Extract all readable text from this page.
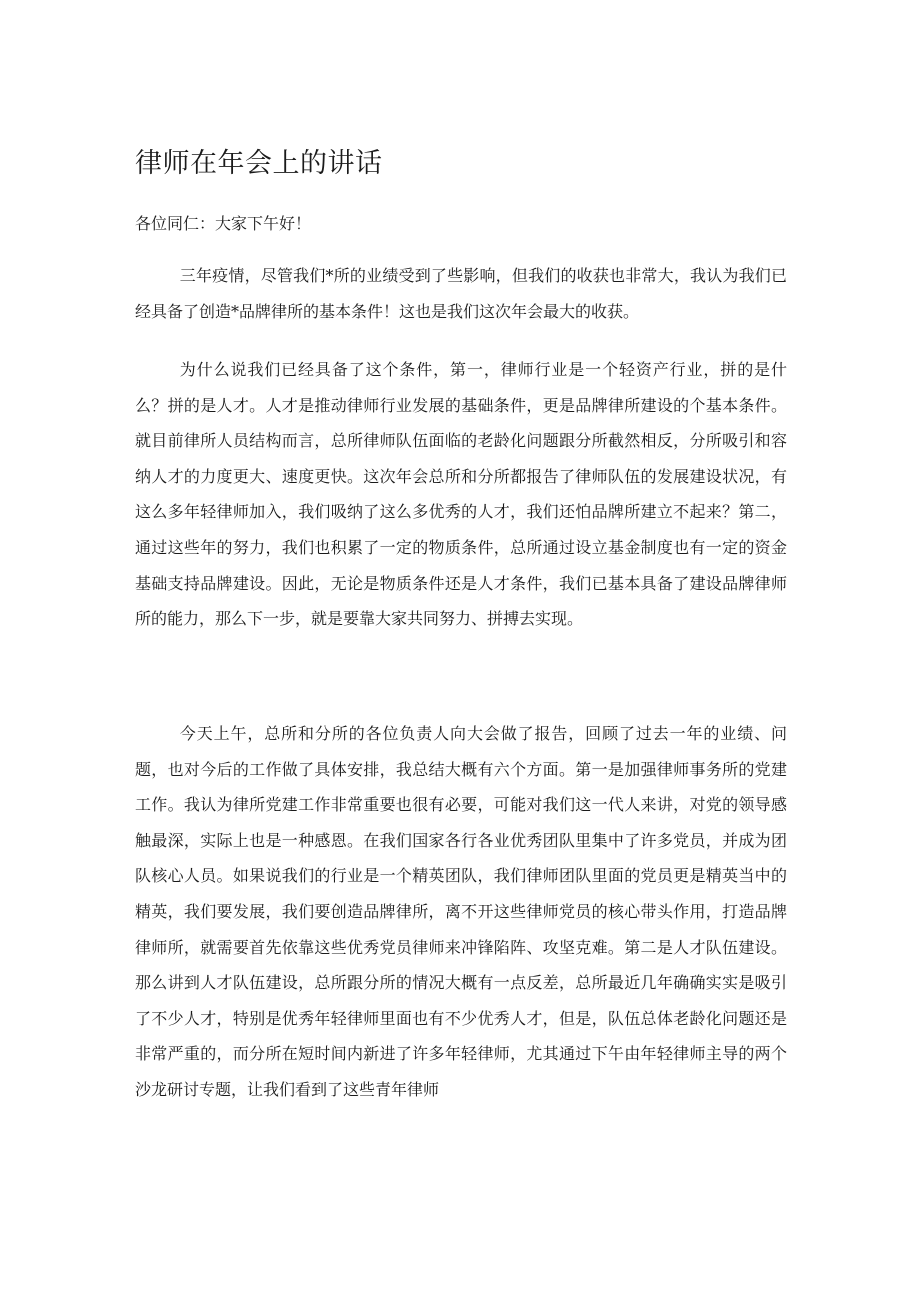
律师在年会上的讲话

各位同仁：大家下午好！

三年疫情，尽管我们*所的业绩受到了些影响，但我们的收获也非常大，我认为我们已经具备了创造*品牌律所的基本条件！这也是我们这次年会最大的收获。

为什么说我们已经具备了这个条件，第一，律师行业是一个轻资产行业，拼的是什么？拼的是人才。人才是推动律师行业发展的基础条件，更是品牌律所建设的个基本条件。就目前律所人员结构而言，总所律师队伍面临的老龄化问题跟分所截然相反，分所吸引和容纳人才的力度更大、速度更快。这次年会总所和分所都报告了律师队伍的发展建设状况，有这么多年轻律师加入，我们吸纳了这么多优秀的人才，我们还怕品牌所建立不起来？第二，通过这些年的努力，我们也积累了一定的物质条件，总所通过设立基金制度也有一定的资金基础支持品牌建设。因此，无论是物质条件还是人才条件，我们已基本具备了建设品牌律师所的能力，那么下一步，就是要靠大家共同努力、拼搏去实现。

今天上午，总所和分所的各位负责人向大会做了报告，回顾了过去一年的业绩、问题，也对今后的工作做了具体安排，我总结大概有六个方面。第一是加强律师事务所的党建工作。我认为律所党建工作非常重要也很有必要，可能对我们这一代人来讲，对党的领导感触最深，实际上也是一种感恩。在我们国家各行各业优秀团队里集中了许多党员，并成为团队核心人员。如果说我们的行业是一个精英团队，我们律师团队里面的党员更是精英当中的精英，我们要发展，我们要创造品牌律所，离不开这些律师党员的核心带头作用，打造品牌律师所，就需要首先依靠这些优秀党员律师来冲锋陷阵、攻坚克难。第二是人才队伍建设。那么讲到人才队伍建设，总所跟分所的情况大概有一点反差，总所最近几年确确实实是吸引了不少人才，特别是优秀年轻律师里面也有不少优秀人才，但是，队伍总体老龄化问题还是非常严重的，而分所在短时间内新进了许多年轻律师，尤其通过下午由年轻律师主导的两个沙龙研讨专题，让我们看到了这些青年律师
